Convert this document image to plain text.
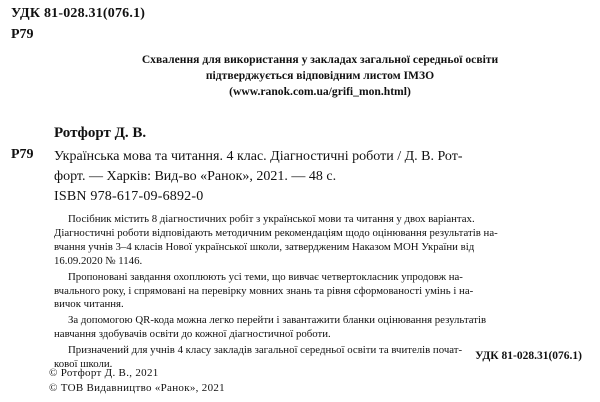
УДК 81-028.31(076.1)
Р79
Схвалення для використання у закладах загальної середньої освіти
підтверджується відповідним листом ІМЗО
(www.ranok.com.ua/grifi_mon.html)
Ротфорт Д. В.
Р79 Українська мова та читання. 4 клас. Діагностичні роботи / Д. В. Рот-
форт. — Харків: Вид-во «Ранок», 2021. — 48 с.
ISBN 978-617-09-6892-0
Посібник містить 8 діагностичних робіт з української мови та читання у двох варіантах.
Діагностичні роботи відповідають методичним рекомендаціям щодо оцінювання результатів на-
вчання учнів 3–4 класів Нової української школи, затвердженим Наказом МОН України від
16.09.2020 № 1146.
Пропоновані завдання охоплюють усі теми, що вивчає четвертокласник упродовж на-
вчального року, і спрямовані на перевірку мовних знань та рівня сформованості умінь і на-
вичок читання.
За допомогою QR-кода можна легко перейти і завантажити бланки оцінювання результатів
навчання здобувачів освіти до кожної діагностичної роботи.
Призначений для учнів 4 класу закладів загальної середньої освіти та вчителів почат-
кової школи.
УДК 81-028.31(076.1)
© Ротфорт Д. В., 2021
© ТОВ Видавництво «Ранок», 2021
